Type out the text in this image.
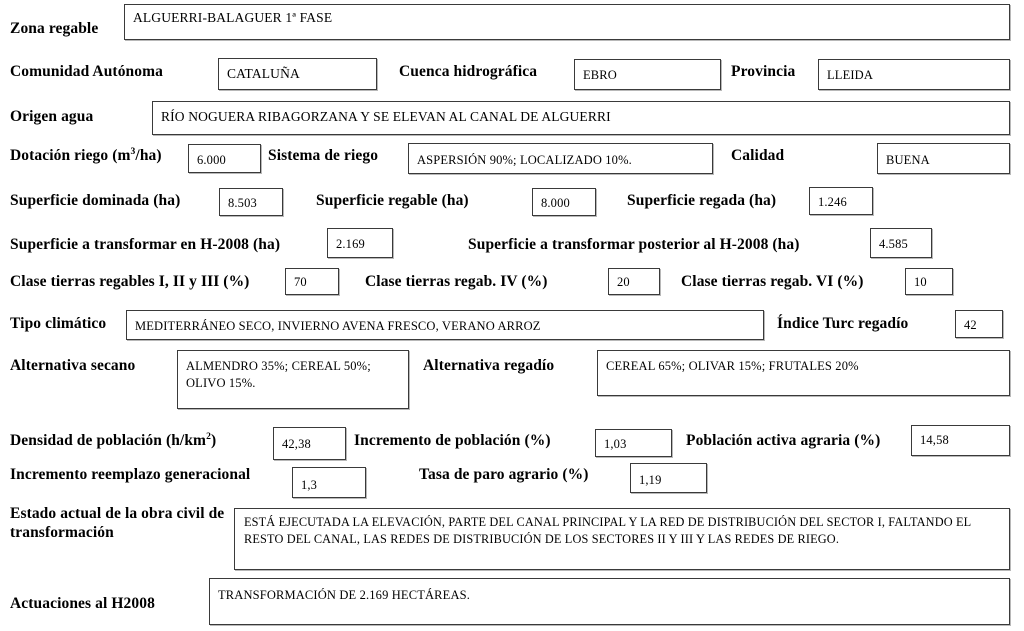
Zona regable
ALGUERRI-BALAGUER 1ª FASE
Comunidad Autónoma	CATALUÑA	Cuenca hidrográfica	EBRO	Provincia	LLEIDA
Origen agua	RÍO NOGUERA RIBAGORZANA Y SE ELEVAN AL CANAL DE ALGUERRI
Dotación riego $(m^3/ha)$	6.000	Sistema de riego	ASPERSIÓN 90%; LOCALIZADO 10%.	Calidad	BUENA
Superficie dominada (ha)	8.503	Superficie regable (ha)	8.000	Superficie regada (ha)	1.246
Superficie a transformar en H-2008 (ha)	2.169	Superficie a transformar posterior al H-2008 (ha)	4.585
Clase tierras regables I, II y III (%)	70	Clase tierras regab. IV (%)	20	Clase tierras regab. VI (%)	10
Tipo climático MEDITERRÁNEO SECO, INVIERNO AVENA FRESCO, VERANO ARROZ	Índice Turc regadío	42
Alternativa secano	ALMENDRO 35%; CEREAL 50%; OLIVO 15%.
Alternativa regadío	CEREAL 65%; OLIVAR 15%; FRUTALES 20%
Densidad de población $(h/km^2)$	42,38	Incremento de población (%)	1,03	Población activa agraria (%)	14,58
Incremento reemplazo generacional
1,3
Tasa de paro agrario (%)	1,19
Estado actual de la obra civil de transformación
ESTÁ EJECUTADA LA ELEVACIÓN, PARTE DEL CANAL PRINCIPAL Y LA RED DE DISTRIBUCIÓN DEL SECTOR I, FALTANDO EL RESTO DEL CANAL, LAS REDES DE DISTRIBUCIÓN DE LOS SECTORES II Y III Y LAS REDES DE RIEGO.
Actuaciones al H2008	TRANSFORMACIÓN DE 2.169 HECTÁREAS.
